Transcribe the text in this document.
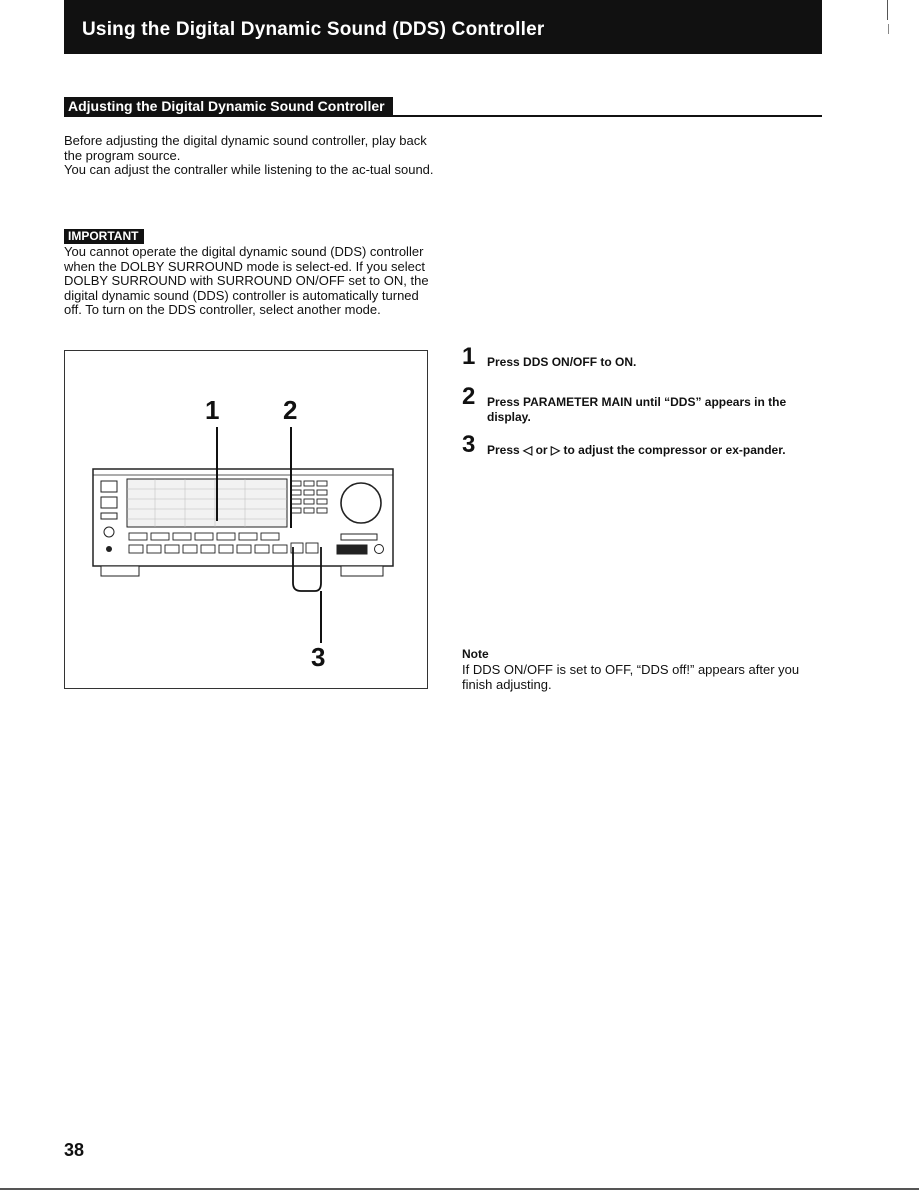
Using the Digital Dynamic Sound (DDS) Controller
Adjusting the Digital Dynamic Sound Controller

Before adjusting the digital dynamic sound controller, play back the program source.

You can adjust the contraller while listening to the ac-tual sound.

IMPORTANT

You cannot operate the digital dynamic sound (DDS) controller when the DOLBY SURROUND mode is select-ed. If you select DOLBY SURROUND with SURROUND ON/OFF set to ON, the digital dynamic sound (DDS) controller is automatically turned off. To turn on the DDS controller, select another mode.

1 2
3
1 Press DDS ON/OFF to ON.
2 Press PARAMETER MAIN until “DDS” appears in the display.
3 Press ◁ or ▷ to adjust the compressor or ex-pander.
Note
If DDS ON/OFF is set to OFF, “DDS off!” appears after you finish adjusting.
38
